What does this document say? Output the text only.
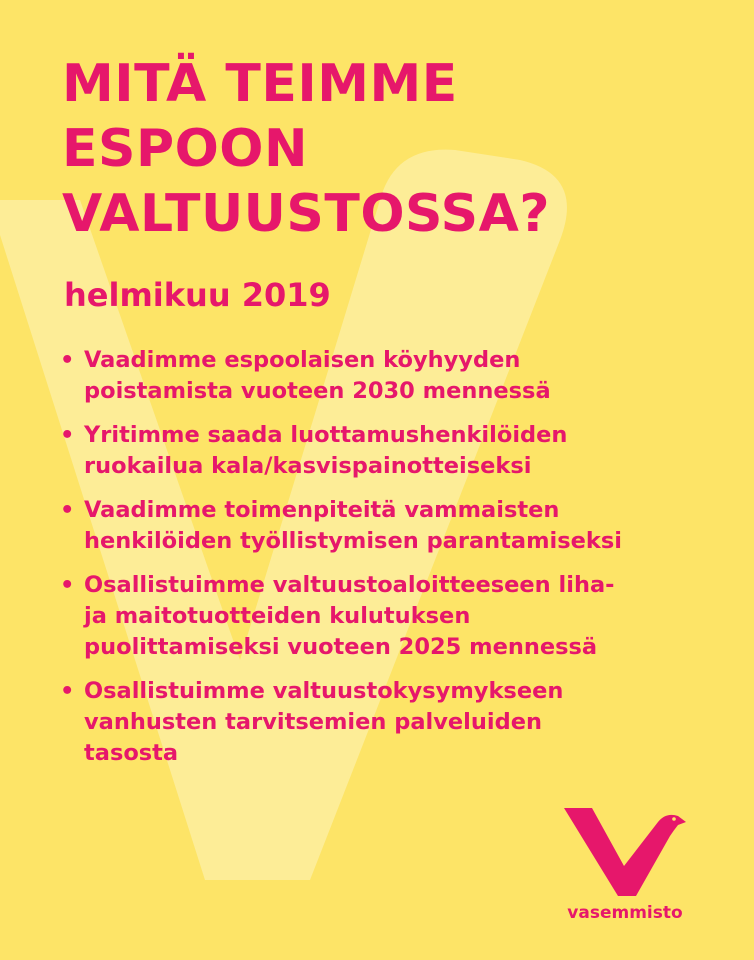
MITÄ TEIMME
ESPOON
VALTUUSTOSSA?
helmikuu 2019
• Vaadimme espoolaisen köyhyyden
poistamista vuoteen 2030 mennessä
• Yritimme saada luottamushenkilöiden
ruokailua kala/kasvispainotteiseksi
• Vaadimme toimenpiteitä vammaisten
henkilöiden työllistymisen parantamiseksi
• Osallistuimme valtuustoaloitteeseen liha-
ja maitotuotteiden kulutuksen
puolittamiseksi vuoteen 2025 mennessä
• Osallistuimme valtuustokysymykseen
vanhusten tarvitsemien palveluiden
tasosta
vasemmisto
